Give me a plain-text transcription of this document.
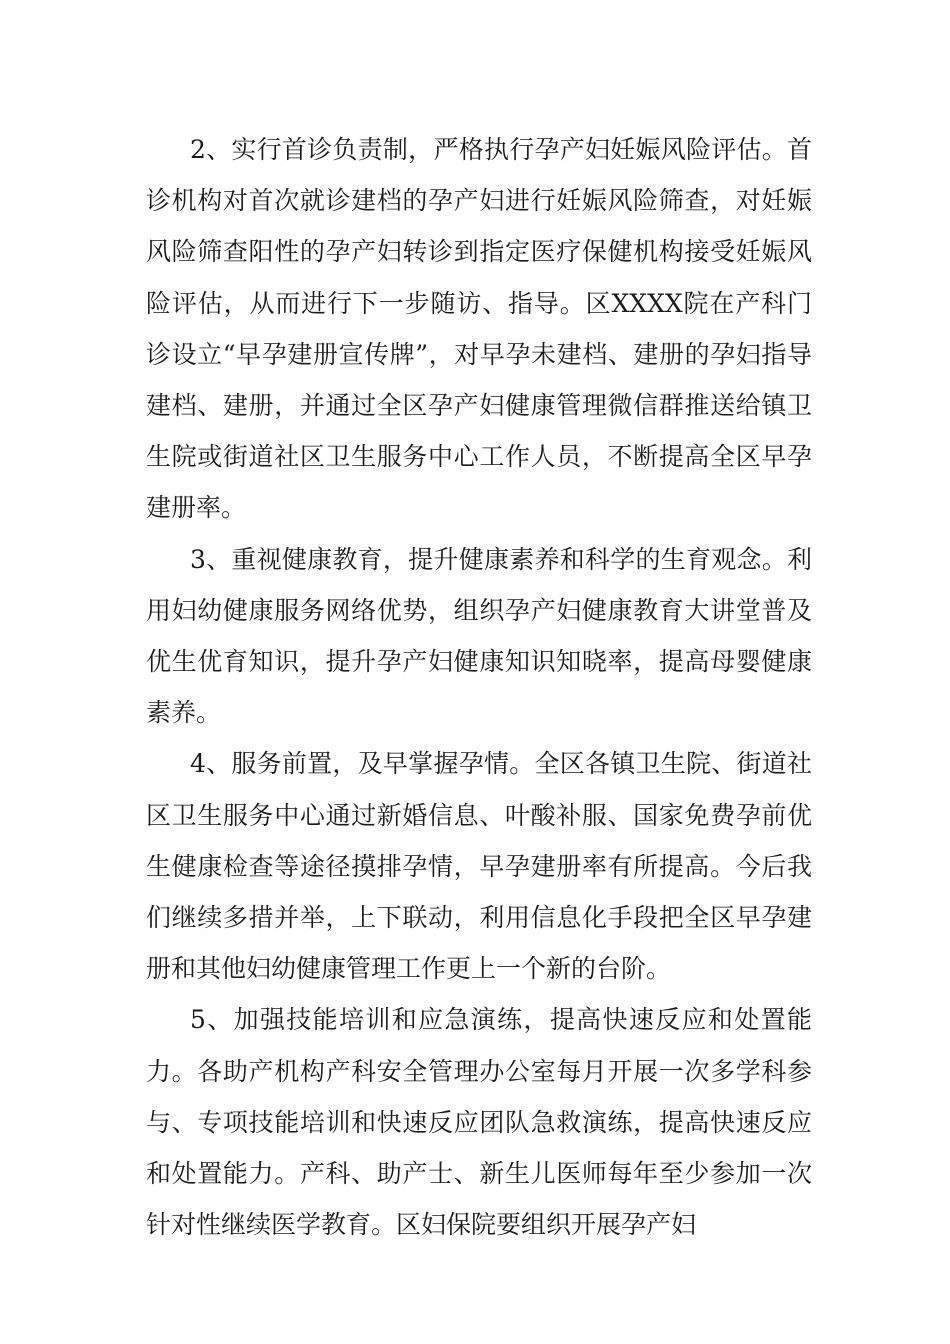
2、实行首诊负责制，严格执行孕产妇妊娠风险评估。首诊机构对首次就诊建档的孕产妇进行妊娠风险筛查，对妊娠风险筛查阳性的孕产妇转诊到指定医疗保健机构接受妊娠风险评估，从而进行下一步随访、指导。区XXXX院在产科门诊设立“早孕建册宣传牌”，对早孕未建档、建册的孕妇指导建档、建册，并通过全区孕产妇健康管理微信群推送给镇卫生院或街道社区卫生服务中心工作人员，不断提高全区早孕建册率。

3、重视健康教育，提升健康素养和科学的生育观念。利用妇幼健康服务网络优势，组织孕产妇健康教育大讲堂普及优生优育知识，提升孕产妇健康知识知晓率，提高母婴健康素养。

4、服务前置，及早掌握孕情。全区各镇卫生院、街道社区卫生服务中心通过新婚信息、叶酸补服、国家免费孕前优生健康检查等途径摸排孕情，早孕建册率有所提高。今后我们继续多措并举，上下联动，利用信息化手段把全区早孕建册和其他妇幼健康管理工作更上一个新的台阶。

5、加强技能培训和应急演练，提高快速反应和处置能力。各助产机构产科安全管理办公室每月开展一次多学科参与、专项技能培训和快速反应团队急救演练，提高快速反应和处置能力。产科、助产士、新生儿医师每年至少参加一次针对性继续医学教育。区妇保院要组织开展孕产妇
